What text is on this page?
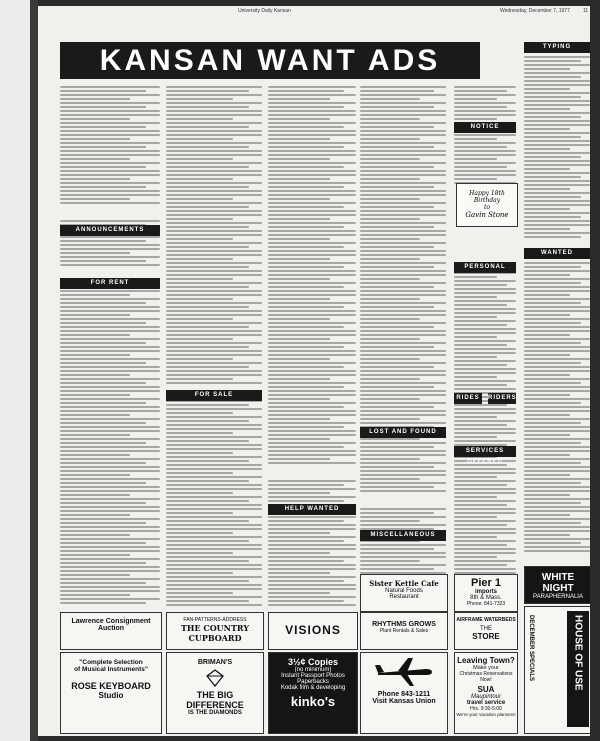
University Daily Kansan	Wednesday, December 7, 1977	11
KANSAN WANT ADS
ANNOUNCEMENTS
FOR RENT
FOR SALE
HELP WANTED
LOST AND FOUND
MISCELLANEOUS
NOTICE
PERSONAL
RIDES	RIDERS
SERVICES OFFERED
Happy 18th Birthday
to
Gavin Stone
TYPING
WANTED
Lawrence Consignment
Auction
"Complete Selection
of Musical Instruments"
ROSE KEYBOARD
Studio
FAN-PATTERNS-ADDRESS
THE COUNTRY
CUPBOARD
BRIMAN'S
THE BIG
DIFFERENCE
IS THE DIAMONDS
VISIONS
3½¢ Copies
(no minimum)
Instant Passport Photos
Paperbacks
Kodak film & developing
kinko's
Sister Kettle Cafe
Natural Foods
Restaurant
RHYTHMS GROWS
Plant Rentals & Sales
Phone 843-1211
Visit Kansas Union
Pier 1
imports
8th & Mass.
Phone: 841-7323
AIRFRAME WATERBEDS
THE
STORE
Leaving Town?
Make your
Christmas Reservations Now!
SUA
Maupintour
travel service
Hrs. 9:30-5:00
We're your vacation planners!
WHITE NIGHT
PARAPHERNALIA
HOUSE OF USE
DECEMBER SPECIALS
